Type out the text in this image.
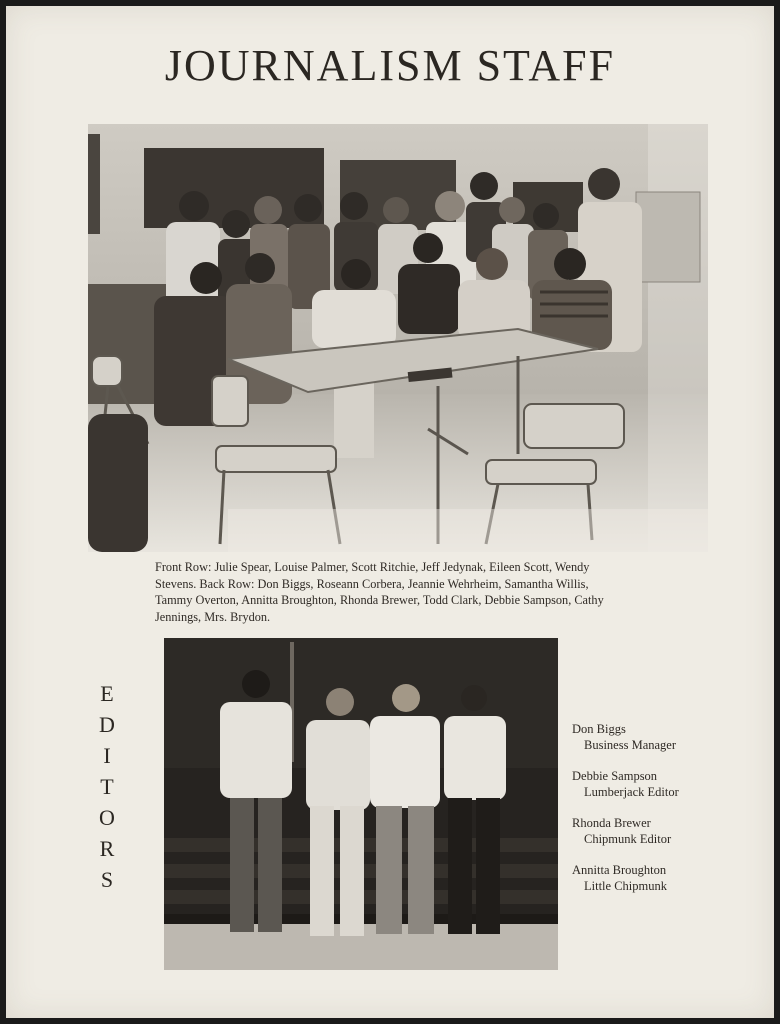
JOURNALISM STAFF
Front Row: Julie Spear, Louise Palmer, Scott Ritchie, Jeff Jedynak, Eileen Scott, Wendy Stevens. Back Row: Don Biggs, Roseann Corbera, Jeannie Wehrheim, Samantha Willis, Tammy Overton, Annitta Broughton, Rhonda Brewer, Todd Clark, Debbie Sampson, Cathy Jennings, Mrs. Brydon.
E
D
I
T
O
R
S
Don Biggs
Business Manager
Debbie Sampson
Lumberjack Editor
Rhonda Brewer
Chipmunk Editor
Annitta Broughton
Little Chipmunk
